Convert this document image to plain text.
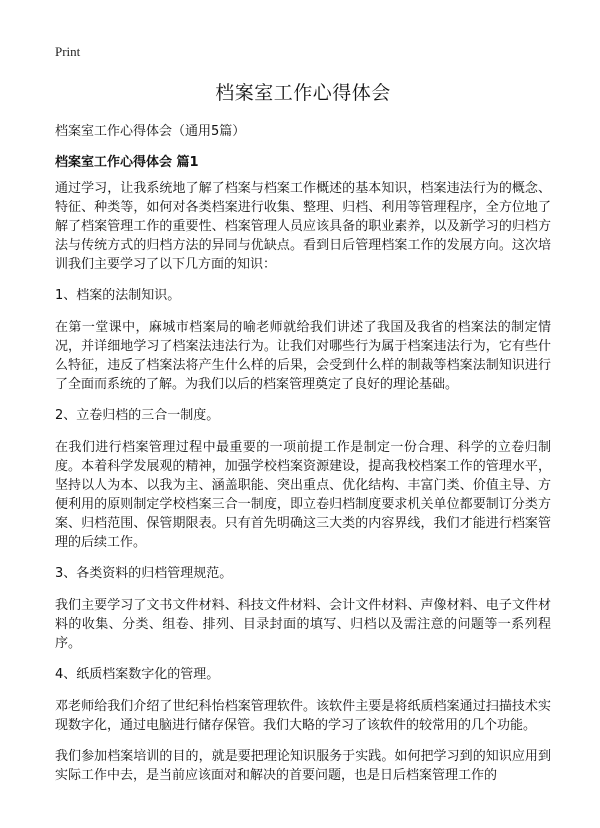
Print
档案室工作心得体会

档案室工作心得体会（通用5篇）

档案室工作心得体会 篇1

通过学习，让我系统地了解了档案与档案工作概述的基本知识，档案违法行为的概念、特征、种类等，如何对各类档案进行收集、整理、归档、利用等管理程序，全方位地了解了档案管理工作的重要性、档案管理人员应该具备的职业素养，以及新学习的归档方法与传统方式的归档方法的异同与优缺点。看到日后管理档案工作的发展方向。这次培训我们主要学习了以下几方面的知识：

1、档案的法制知识。

在第一堂课中，麻城市档案局的喻老师就给我们讲述了我国及我省的档案法的制定情况，并详细地学习了档案法违法行为。让我们对哪些行为属于档案违法行为，它有些什么特征，违反了档案法将产生什么样的后果，会受到什么样的制裁等档案法制知识进行了全面而系统的了解。为我们以后的档案管理奠定了良好的理论基础。

2、立卷归档的三合一制度。

在我们进行档案管理过程中最重要的一项前提工作是制定一份合理、科学的立卷归制度。本着科学发展观的精神，加强学校档案资源建设，提高我校档案工作的管理水平，坚持以人为本、以我为主、涵盖职能、突出重点、优化结构、丰富门类、价值主导、方便利用的原则制定学校档案三合一制度，即立卷归档制度要求机关单位都要制订分类方案、归档范围、保管期限表。只有首先明确这三大类的内容界线，我们才能进行档案管理的后续工作。

3、各类资料的归档管理规范。

我们主要学习了文书文件材料、科技文件材料、会计文件材料、声像材料、电子文件材料的收集、分类、组卷、排列、目录封面的填写、归档以及需注意的问题等一系列程序。

4、纸质档案数字化的管理。

邓老师给我们介绍了世纪科怡档案管理软件。该软件主要是将纸质档案通过扫描技术实现数字化，通过电脑进行储存保管。我们大略的学习了该软件的较常用的几个功能。

我们参加档案培训的目的，就是要把理论知识服务于实践。如何把学习到的知识应用到实际工作中去，是当前应该面对和解决的首要问题，也是日后档案管理工作的
